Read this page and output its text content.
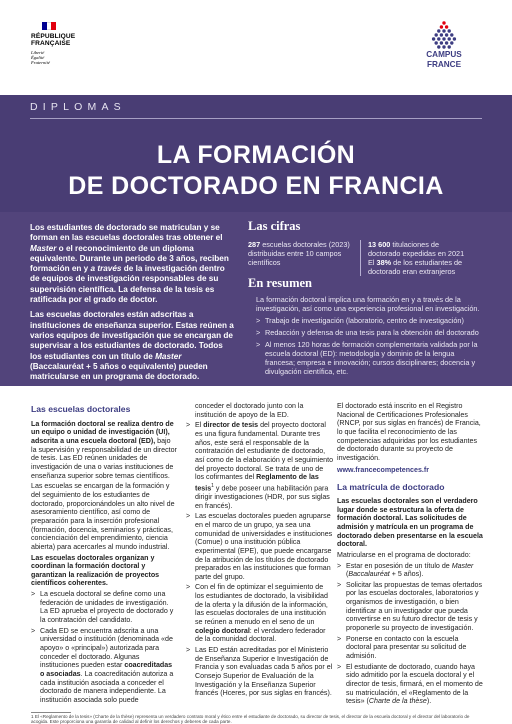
RÉPUBLIQUE
FRANÇAISE
Liberté
Égalité
Fraternité
CAMPUS
FRANCE
DIPLOMAS
LA FORMACIÓN
DE DOCTORADO EN FRANCIA

Los estudiantes de doctorado se matriculan y se forman en las escuelas doctorales tras obtener el Master o el reconocimiento de un diploma equivalente. Durante un periodo de 3 años, reciben formación en y a través de la investigación dentro de equipos de investigación responsables de su supervisión científica. La defensa de la tesis es ratificada por el grado de doctor.

Las escuelas doctorales están adscritas a instituciones de enseñanza superior. Estas reúnen a varios equipos de investigación que se encargan de supervisar a los estudiantes de doctorado. Todos los estudiantes con un título de Master (Baccalauréat + 5 años o equivalente) pueden matricularse en un programa de doctorado.

Las cifras
287 escuelas doctorales (2023) distribuidas entre 10 campos científicos
13 600 titulaciones de doctorado expedidas en 2021
El 38% de los estudiantes de doctorado eran extranjeros
En resumen

La formación doctoral implica una formación en y a través de la investigación, así como una experiencia profesional en investigación.

> Trabajo de investigación (laboratorio, centro de investigación)
> Redacción y defensa de una tesis para la obtención del doctorado
> Al menos 120 horas de formación complementaria validada por la escuela doctoral (ED): metodología y dominio de la lengua francesa; empresa e innovación; cursos disciplinares; docencia y divulgación científica, etc.
Las escuelas doctorales

La formación doctoral se realiza dentro de un equipo o unidad de investigación (UI), adscrita a una escuela doctoral (ED), bajo la supervisión y responsabilidad de un director de tesis. Las ED reúnen unidades de investigación de una o varias instituciones de enseñanza superior sobre temas científicos.

Las escuelas se encargan de la formación y del seguimiento de los estudiantes de doctorado, proporcionándoles un alto nivel de asesoramiento científico, así como de preparación para la inserción profesional (formación, docencia, seminarios y prácticas, concienciación del emprendimiento, ciencia abierta) para acercarles al mundo industrial.

Las escuelas doctorales organizan y coordinan la formación doctoral y garantizan la realización de proyectos científicos coherentes.

> La escuela doctoral se define como una federación de unidades de investigación. La ED aprueba el proyecto de doctorado y la contratación del candidato.
> Cada ED se encuentra adscrita a una universidad o institución (denominada «de apoyo» o «principal») autorizada para conceder el doctorado. Algunas instituciones pueden estar coacreditadas o asociadas. La coacreditación autoriza a cada institución asociada a conceder el doctorado de manera independiente. La institución asociada solo puede

conceder el doctorado junto con la institución de apoyo de la ED.

> El director de tesis del proyecto doctoral es una figura fundamental. Durante tres años, este será el responsable de la contratación del estudiante de doctorado, así como de la elaboración y el seguimiento del proyecto doctoral. Se trata de uno de los cofirmantes del Reglamento de las tesis$^1$ y debe poseer una habilitación para dirigir investigaciones (HDR, por sus siglas en francés).
> Las escuelas doctorales pueden agruparse en el marco de un grupo, ya sea una comunidad de universidades e instituciones (Comue) o una institución pública experimental (EPE), que puede encargarse de la atribución de los títulos de doctorado preparados en las instituciones que forman parte del grupo.
> Con el fin de optimizar el seguimiento de los estudiantes de doctorado, la visibilidad de la oferta y la difusión de la información, las escuelas doctorales de una institución se reúnen a menudo en el seno de un colegio doctoral: el verdadero federador de la comunidad doctoral.
> Las ED están acreditadas por el Ministerio de Enseñanza Superior e Investigación de Francia y son evaluadas cada 5 años por el Consejo Superior de Evaluación de la Investigación y la Enseñanza Superior francés (Hceres, por sus siglas en francés).

El doctorado está inscrito en el Registro Nacional de Certificaciones Profesionales (RNCP, por sus siglas en francés) de Francia, lo que facilita el reconocimiento de las competencias adquiridas por los estudiantes de doctorado durante su proyecto de investigación.

www.francecompetences.fr
La matrícula de doctorado

Las escuelas doctorales son el verdadero lugar donde se estructura la oferta de formación doctoral. Las solicitudes de admisión y matrícula en un programa de doctorado deben presentarse en la escuela doctoral.

Matricularse en el programa de doctorado:

> Estar en posesión de un título de Master (Baccalauréat + 5 años).
> Solicitar las propuestas de temas ofertados por las escuelas doctorales, laboratorios y organismos de investigación, o bien identificar a un investigador que pueda convertirse en su futuro director de tesis y proponerle su proyecto de investigación.
> Ponerse en contacto con la escuela doctoral para presentar su solicitud de admisión.
> El estudiante de doctorado, cuando haya sido admitido por la escuela doctoral y el director de tesis, firmará, en el momento de su matriculación, el «Reglamento de la tesis» (Charte de la thèse).
1 El «Reglamento de la tesis» (Charte de la thèse) representa un verdadero contrato moral y ético entre el estudiante de doctorado, su director de tesis, el director de la escuela doctoral y el director del laboratorio de acogida. Este proporciona una garantía de calidad al definir los derechos y deberes de cada parte.
